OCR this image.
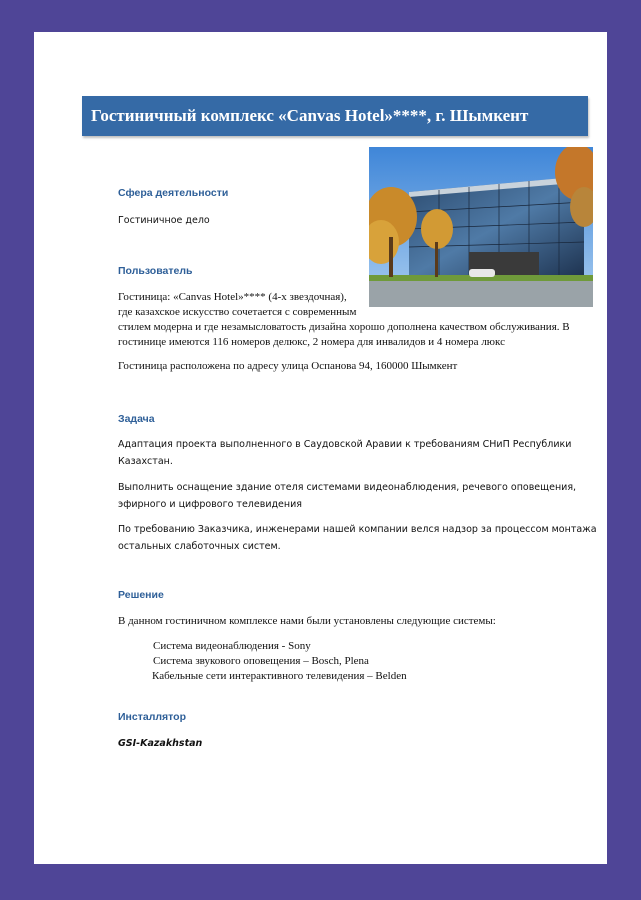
Гостиничный комплекс «Canvas Hotel»****, г. Шымкент
Сфера деятельности
Гостиничное дело
Пользователь
Гостиница: «Canvas Hotel»**** (4-х звездочная),
где казахское искусство сочетается с современным
стилем модерна и где незамысловатость дизайна хорошо дополнена качеством обслуживания. В
гостинице имеются 116 номеров делюкс, 2 номера для инвалидов и 4 номера люкс
Гостиница расположена по адресу улица Оспанова 94, 160000 Шымкент
Задача
Адаптация проекта выполненного в Саудовской Аравии к требованиям СНиП Республики
Казахстан.
Выполнить оснащение здание отеля системами видеонаблюдения, речевого оповещения,
эфирного и цифрового телевидения
По требованию Заказчика, инженерами нашей компании велся надзор за процессом монтажа
остальных слаботочных систем.
Решение
В данном гостиничном комплексе нами были установлены следующие системы:
Система видеонаблюдения - Sony
Система звукового оповещения – Bosch, Plena
Кабельные сети интерактивного телевидения – Belden
Инсталлятор
GSI-Kazakhstan
